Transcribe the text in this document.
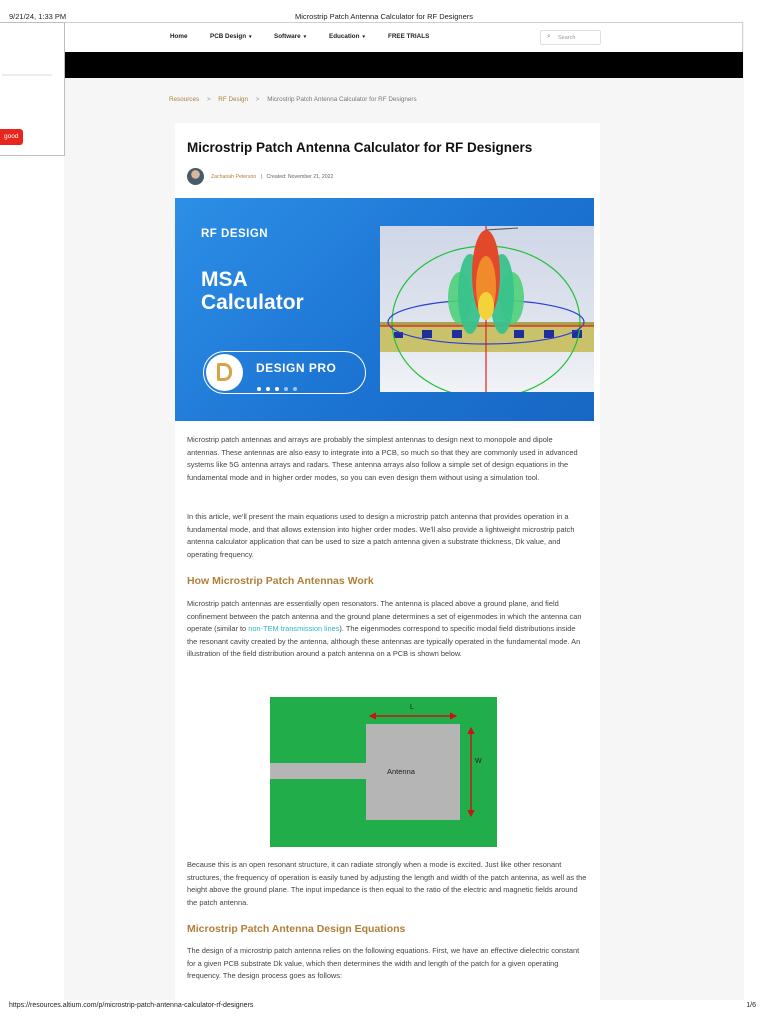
9/21/24, 1:33 PM	Microstrip Patch Antenna Calculator for RF Designers
Home	PCB Design ▾	Software ▾	Education ▾	FREE TRIALS	⌕ Search
good
Resources > RF Design > Microstrip Patch Antenna Calculator for RF Designers
Microstrip Patch Antenna Calculator for RF Designers
Zachariah Peterson | Created: November 21, 2022
RF DESIGN
MSA
Calculator
DESIGN PRO

Microstrip patch antennas and arrays are probably the simplest antennas to design next to monopole and dipole antennas. These antennas are also easy to integrate into a PCB, so much so that they are commonly used in advanced systems like 5G antenna arrays and radars. These antenna arrays also follow a simple set of design equations in the fundamental mode and in higher order modes, so you can even design them without using a simulation tool.

In this article, we'll present the main equations used to design a microstrip patch antenna that provides operation in a fundamental mode, and that allows extension into higher order modes. We'll also provide a lightweight microstrip patch antenna calculator application that can be used to size a patch antenna given a substrate thickness, Dk value, and operating frequency.

How Microstrip Patch Antennas Work

Microstrip patch antennas are essentially open resonators. The antenna is placed above a ground plane, and field confinement between the patch antenna and the ground plane determines a set of eigenmodes in which the antenna can operate (similar to non-TEM transmission lines). The eigenmodes correspond to specific modal field distributions inside the resonant cavity created by the antenna, although these antennas are typically operated in the fundamental mode. An illustration of the field distribution around a patch antenna on a PCB is shown below.

Antenna
L
W

Because this is an open resonant structure, it can radiate strongly when a mode is excited. Just like other resonant structures, the frequency of operation is easily tuned by adjusting the length and width of the patch antenna, as well as the height above the ground plane. The input impedance is then equal to the ratio of the electric and magnetic fields around the patch antenna.

Microstrip Patch Antenna Design Equations

The design of a microstrip patch antenna relies on the following equations. First, we have an effective dielectric constant for a given PCB substrate Dk value, which then determines the width and length of the patch for a given operating frequency. The design process goes as follows:

https://resources.altium.com/p/microstrip-patch-antenna-calculator-rf-designers	1/6
